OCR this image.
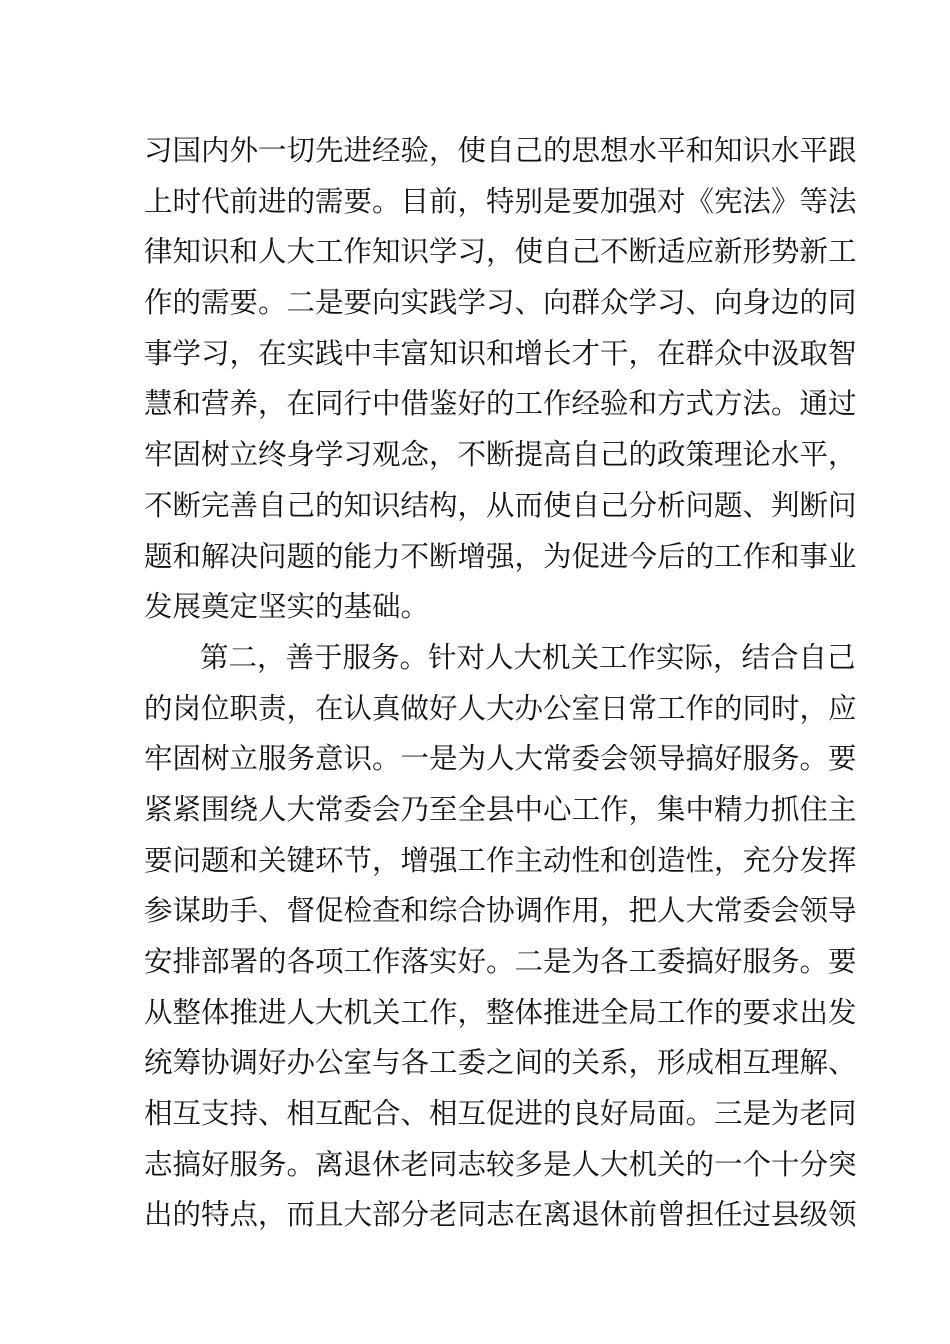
习国内外一切先进经验，使自己的思想水平和知识水平跟
上时代前进的需要。目前，特别是要加强对《宪法》等法
律知识和人大工作知识学习，使自己不断适应新形势新工
作的需要。二是要向实践学习、向群众学习、向身边的同
事学习，在实践中丰富知识和增长才干，在群众中汲取智
慧和营养，在同行中借鉴好的工作经验和方式方法。通过
牢固树立终身学习观念，不断提高自己的政策理论水平，
不断完善自己的知识结构，从而使自己分析问题、判断问
题和解决问题的能力不断增强，为促进今后的工作和事业
发展奠定坚实的基础。
第二，善于服务。针对人大机关工作实际，结合自己
的岗位职责，在认真做好人大办公室日常工作的同时，应
牢固树立服务意识。一是为人大常委会领导搞好服务。要
紧紧围绕人大常委会乃至全县中心工作，集中精力抓住主
要问题和关键环节，增强工作主动性和创造性，充分发挥
参谋助手、督促检查和综合协调作用，把人大常委会领导
安排部署的各项工作落实好。二是为各工委搞好服务。要
从整体推进人大机关工作，整体推进全局工作的要求出发
统筹协调好办公室与各工委之间的关系，形成相互理解、
相互支持、相互配合、相互促进的良好局面。三是为老同
志搞好服务。离退休老同志较多是人大机关的一个十分突
出的特点，而且大部分老同志在离退休前曾担任过县级领
